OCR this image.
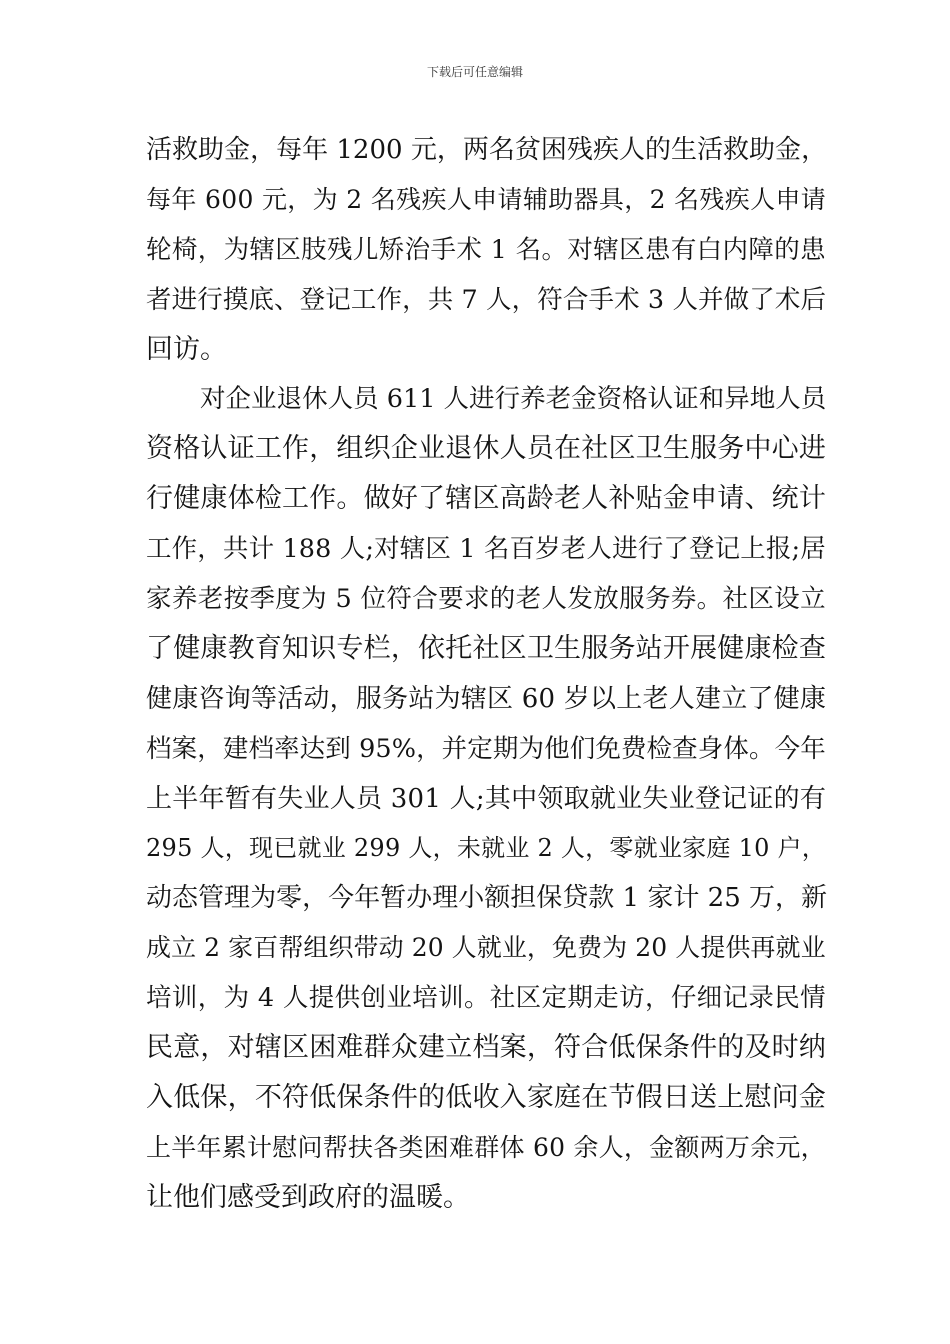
下载后可任意编辑
活 救 助 金 ， 每 年
1 2 0 0
元 ， 两 名 贫 困 残 疾 人 的 生 活 救 助 金 ，
每 年
6 0 0
元 ， 为
2
名 残 疾 人 申 请 辅 助 器 具 ， 2
名 残 疾 人 申 请
轮 椅 ， 为 辖 区 肢 残 儿 矫 治 手 术
1
名 。 对 辖 区 患 有 白 内 障 的 患
者 进 行 摸 底 、 登 记 工 作 ， 共
7
人 ， 符 合 手 术
3
人 并 做 了 术 后
回访。
对 企 业 退 休 人 员
6 1 1
人 进 行 养 老 金 资 格 认 证 和 异 地 人 员
资 格 认 证 工 作 ， 组 织 企 业 退 休 人 员 在 社 区 卫 生 服 务 中 心 进
行 健 康 体 检 工 作 。 做 好 了 辖 区 高 龄 老 人 补 贴 金 申 请 、 统 计
工 作 ， 共 计
1 8 8
人 ; 对 辖 区
1
名 百 岁 老 人 进 行 了 登 记 上 报 ; 居
家 养 老 按 季 度 为
5
位 符 合 要 求 的 老 人 发 放 服 务 券 。 社 区 设 立
了 健 康 教 育 知 识 专 栏 ， 依 托 社 区 卫 生 服 务 站 开 展 健 康 检 查
健 康 咨 询 等 活 动 ， 服 务 站 为 辖 区
6 0
岁 以 上 老 人 建 立 了 健 康
档 案 ， 建 档 率 达 到
9 5 % ， 并 定 期 为 他 们 免 费 检 查 身 体 。 今 年
上 半 年 暂 有 失 业 人 员
3 0 1
人 ; 其 中 领 取 就 业 失 业 登 记 证 的 有
2 9 5
人 ， 现 已 就 业
2 9 9
人 ， 未 就 业
2
人 ， 零 就 业 家 庭
1 0
户 ，
动 态 管 理 为 零 ， 今 年 暂 办 理 小 额 担 保 贷 款
1
家 计
2 5
万 ， 新
成 立
2
家 百 帮 组 织 带 动
2 0
人 就 业 ， 免 费 为
2 0
人 提 供 再 就 业
培 训 ， 为
4
人 提 供 创 业 培 训 。 社 区 定 期 走 访 ， 仔 细 记 录 民 情
民 意 ， 对 辖 区 困 难 群 众 建 立 档 案 ， 符 合 低 保 条 件 的 及 时 纳
入 低 保 ， 不 符 低 保 条 件 的 低 收 入 家 庭 在 节 假 日 送 上 慰 问 金
上 半 年 累 计 慰 问 帮 扶 各 类 困 难 群 体
6 0
余 人 ， 金 额 两 万 余 元 ，
让他们感受到政府的温暖。
